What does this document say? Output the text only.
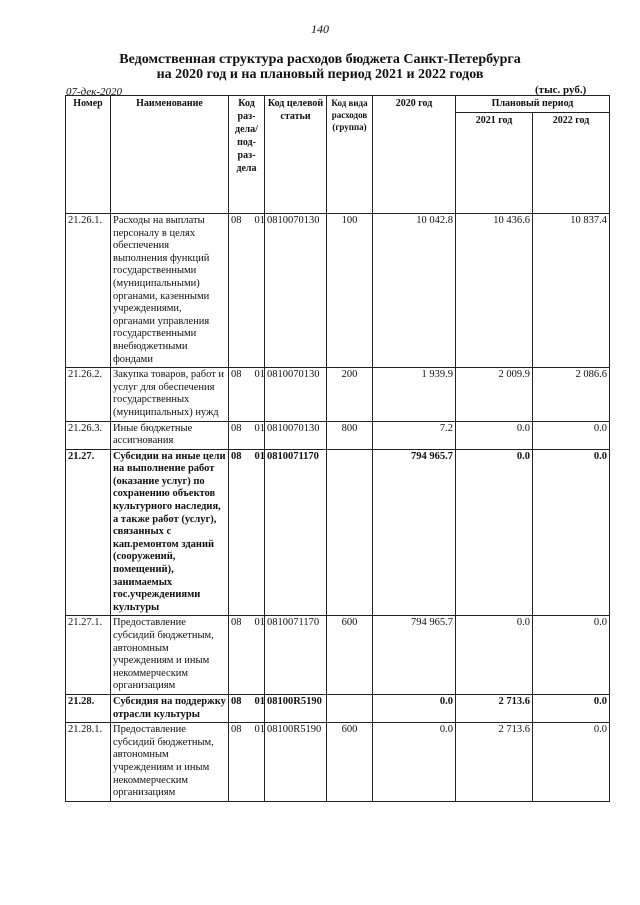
140
Ведомственная структура расходов бюджета Санкт-Петербурга
на 2020 год и на плановый период 2021 и 2022 годов
07-дек-2020	(тыс. руб.)
Номер	Наименование	Код раз-дела/ под-раз-дела	Код целевой статьи	Код вида расходов (группа)	2020 год	Плановый период	
						2021 год	2022 год
21.26.1.	Расходы на выплаты персоналу в целях обеспечения выполнения функций государственными (муниципальными) органами, казенными учреждениями, органами управления государственными внебюджетными фондами	08 01	0810070130	100	10 042.8	10 436.6	10 837.4
21.26.2.	Закупка товаров, работ и услуг для обеспечения государственных (муниципальных) нужд	08 01	0810070130	200	1 939.9	2 009.9	2 086.6
21.26.3.	Иные бюджетные ассигнования	08 01	0810070130	800	7.2	0.0	0.0
21.27.	Субсидии на иные цели на выполнение работ (оказание услуг) по сохранению объектов культурного наследия, а также работ (услуг), связанных с кап.ремонтом зданий (сооружений, помещений), занимаемых гос.учреждениями культуры	08 01	0810071170		794 965.7	0.0	0.0
21.27.1.	Предоставление субсидий бюджетным, автономным учреждениям и иным некоммерческим организациям	08 01	0810071170	600	794 965.7	0.0	0.0
21.28.	Субсидия на поддержку отрасли культуры	08 01	08100R5190		0.0	2 713.6	0.0
21.28.1.	Предоставление субсидий бюджетным, автономным учреждениям и иным некоммерческим организациям	08 01	08100R5190	600	0.0	2 713.6	0.0
